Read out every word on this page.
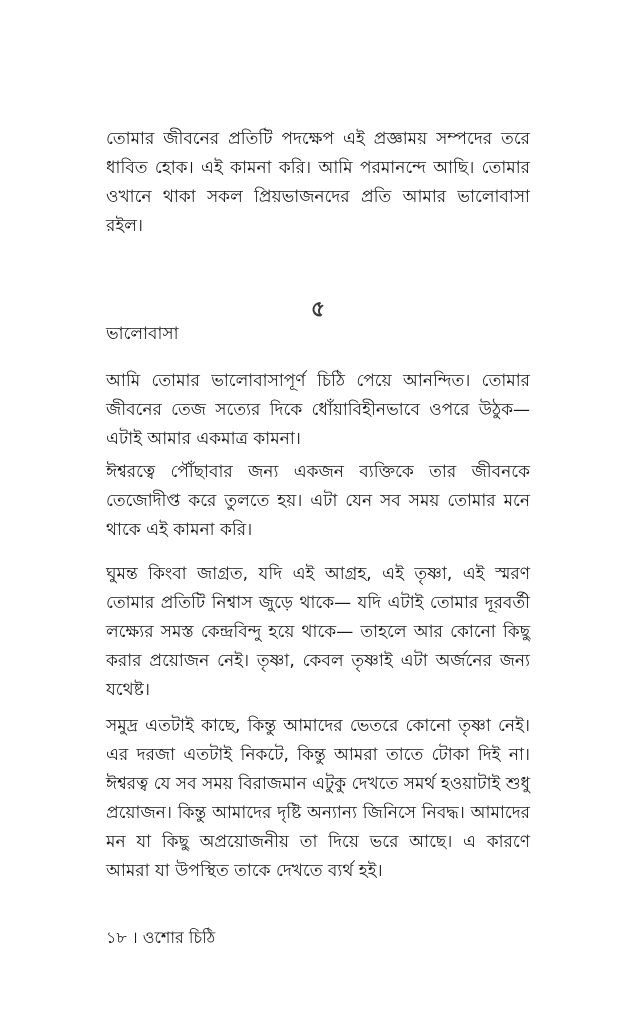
তোমার জীবনের প্রতিটি পদক্ষেপ এই প্রজ্ঞাময় সম্পদের তরে ধাবিত হোক। এই কামনা করি। আমি পরমানন্দে আছি। তোমার ওখানে থাকা সকল প্রিয়ভাজনদের প্রতি আমার ভালোবাসা রইল।

৫

ভালোবাসা

আমি তোমার ভালোবাসাপূর্ণ চিঠি পেয়ে আনন্দিত। তোমার জীবনের তেজ সত্যের দিকে ধোঁয়াবিহীনভাবে ওপরে উঠুক— এটাই আমার একমাত্র কামনা।

ঈশ্বরত্বে পৌঁছাবার জন্য একজন ব্যক্তিকে তার জীবনকে তেজোদীপ্ত করে তুলতে হয়। এটা যেন সব সময় তোমার মনে থাকে এই কামনা করি।

ঘুমন্ত কিংবা জাগ্রত, যদি এই আগ্রহ, এই তৃষ্ণা, এই স্মরণ তোমার প্রতিটি নিশ্বাস জুড়ে থাকে— যদি এটাই তোমার দূরবর্তী লক্ষ্যের সমস্ত কেন্দ্রবিন্দু হয়ে থাকে— তাহলে আর কোনো কিছু করার প্রয়োজন নেই। তৃষ্ণা, কেবল তৃষ্ণাই এটা অর্জনের জন্য যথেষ্ট।

সমুদ্র এতটাই কাছে, কিন্তু আমাদের ভেতরে কোনো তৃষ্ণা নেই। এর দরজা এতটাই নিকটে, কিন্তু আমরা তাতে টোকা দিই না। ঈশ্বরত্ব যে সব সময় বিরাজমান এটুকু দেখতে সমর্থ হওয়াটাই শুধু প্রয়োজন। কিন্তু আমাদের দৃষ্টি অন্যান্য জিনিসে নিবদ্ধ। আমাদের মন যা কিছু অপ্রয়োজনীয় তা দিয়ে ভরে আছে। এ কারণে আমরা যা উপস্থিত তাকে দেখতে ব্যর্থ হই।

১৮ । ওশোর চিঠি
